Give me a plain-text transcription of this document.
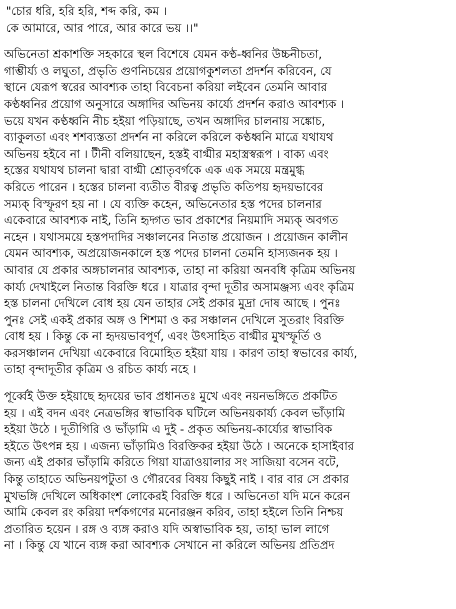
"চোর ধরি, হরি হরি, শব্দ করি, কম ।
কে আমারে, আর পারে, আর কারে ভয় ।।"
অভিনেতা শ্রকাশক্তি সহকারে স্থল বিশেষে যেমন কণ্ঠ-ধ্বনির উচ্চনীচতা,
গাম্ভীর্য্য ও লঘুতা, প্রভৃতি গুণনিচয়ের প্রয়োগকুশলতা প্রদর্শন করিবেন, যে
স্থানে যেরূপ স্বরের আবশ্যক তাহা বিবেচনা করিয়া লইবেন তেমনি আবার
কণ্ঠধ্বনির প্রয়োগ অনুসারে অঙ্গাদির অভিনয় কার্য্যে প্রদর্শন করাও আবশ্যক ।
ভয়ে যখন কণ্ঠধ্বনি নীচ হইয়া পড়িয়াছে, তখন অঙ্গাদির চালনায় সঙ্কোচ,
ব্যাকুলতা এবং শশব্যস্ততা প্রদর্শন না করিলে করিলে কণ্ঠধ্বনি মাত্রে যথাযথ
অভিনয় হইবে না । টীনী বলিয়াছেন, হস্তই বাগ্মীর মহাস্ত্রস্বরূপ । বাক্য এবং
হস্তের যথাযথ চালনা দ্বারা বাগ্মী শ্রোতৃবর্গকে এক এক সময়ে মন্ত্রমুগ্ধ
করিতে পারেন । হস্তের চালনা ব্যতীত বীরত্ব প্রভৃতি কতিপয় হৃদয়ভাবের
সম্যক্ বিস্ফূরণ হয় না । যে ব্যক্তি কহেন, অভিনেতার হস্ত পদের চালনার
একেবারে আবশ্যক নাই, তিনি হৃদ্গত ভাব প্রকাশের নিয়মাদি সম্যক্ অবগত
নহেন । যথাসময়ে হস্তপদাদির সঞ্চালনের নিতান্ত প্রয়োজন । প্রয়োজন কালীন
যেমন আবশ্যক, অপ্রয়োজনকালে হস্ত পদের চালনা তেমনি হাস্যজনক হয় ।
আবার যে প্রকার অঙ্গচালনার আবশ্যক, তাহা না করিয়া অনবধি কৃত্রিম অভিনয়
কার্য্য দেখাইলে নিতান্ত বিরক্তি ধরে । যাত্রার বৃন্দা দূতীর অসামঞ্জস্য এবং কৃত্রিম
হস্ত চালনা দেখিলে বোধ হয় যেন তাহার সেই প্রকার মুদ্রা দোষ আছে । পুনঃ
পুনঃ সেই একই প্রকার অঙ্গ ও শিশমা ও কর সঞ্চালন দেখিলে সুতরাং বিরক্তি
বোধ হয় । কিন্তু কে না হৃদয়ভাবপূর্ণ, এবং উৎসাহিত বাগ্মীর মুখস্ফূর্তি ও
করসঞ্চালন দেখিয়া একেবারে বিমোহিত হইয়া যায় । কারণ তাহা স্বভাবের কার্য্য,
তাহা বৃন্দাদূতীর কৃত্রিম ও রচিত কার্য্য নহে ।
পূর্ব্বেই উক্ত হইয়াছে হৃদয়ের ভাব প্রধানতঃ মুখে এবং নয়নভঙ্গিতে প্রকটিত
হয় । এই বদন এবং নেত্রভঙ্গির স্বাভাবিক ঘটিলে অভিনয়কার্য্য কেবল ভাঁড়ামি
হইয়া উঠে । দূতীগিরি ও ভাঁড়ামি এ দুই - প্রকৃত অভিনয়-কার্য্যের স্বাভাবিক
হইতে উৎপন্ন হয় । এজন্য ভাঁড়ামিও বিরক্তিকর হইয়া উঠে । অনেকে হাসাইবার
জন্য এই প্রকার ভাঁড়ামি করিতে গিয়া যাত্রাওয়ালার সং সাজিয়া বসেন বটে,
কিন্তু তাহাতে অভিনয়পটুতা ও গৌরবের বিষয় কিছুই নাই । বার বার সে প্রকার
মুখভঙ্গি দেখিলে অধিকাংশ লোকেরই বিরক্তি ধরে । অভিনেতা যদি মনে করেন
আমি কেবল রং করিয়া দর্শকগণের মনোরঞ্জন করিব, তাহা হইলে তিনি নিশ্চয়
প্রতারিত হয়েন । রঙ্গ ও ব্যঙ্গ করাও যদি অস্বাভাবিক হয়, তাহা ভাল লাগে
না । কিন্তু যে খানে ব্যঙ্গ করা আবশ্যক সেখানে না করিলে অভিনয় প্রতিপ্রদ
